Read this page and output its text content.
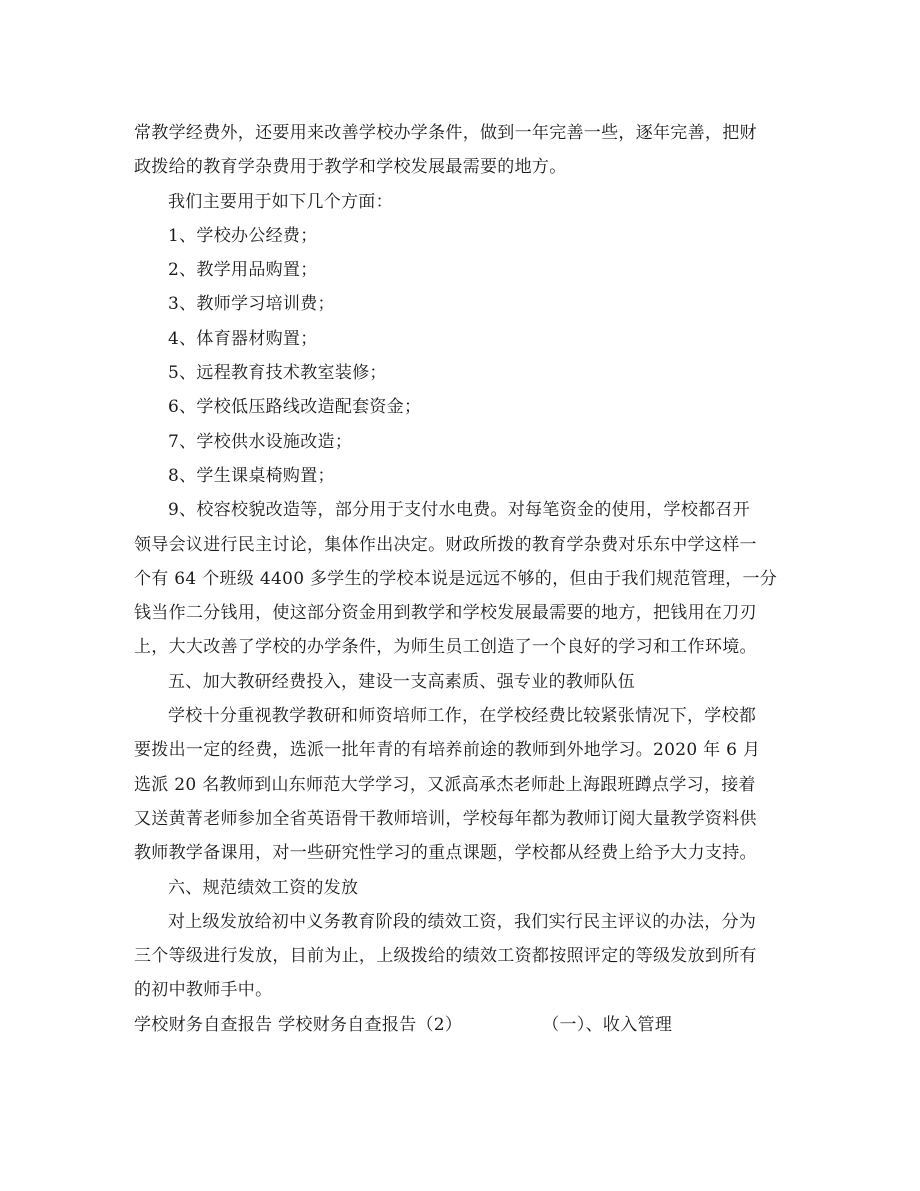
常教学经费外，还要用来改善学校办学条件，做到一年完善一些，逐年完善，把财
政拨给的教育学杂费用于教学和学校发展最需要的地方。
我们主要用于如下几个方面：
1、学校办公经费；
2、教学用品购置；
3、教师学习培训费；
4、体育器材购置；
5、远程教育技术教室装修；
6、学校低压路线改造配套资金；
7、学校供水设施改造；
8、学生课桌椅购置；
9、校容校貌改造等，部分用于支付水电费。对每笔资金的使用，学校都召开
领导会议进行民主讨论，集体作出决定。财政所拨的教育学杂费对乐东中学这样一
个有 64 个班级 4400 多学生的学校本说是远远不够的，但由于我们规范管理，一分
钱当作二分钱用，使这部分资金用到教学和学校发展最需要的地方，把钱用在刀刃
上，大大改善了学校的办学条件，为师生员工创造了一个良好的学习和工作环境。
五、加大教研经费投入，建设一支高素质、强专业的教师队伍
学校十分重视教学教研和师资培师工作，在学校经费比较紧张情况下，学校都
要拨出一定的经费，选派一批年青的有培养前途的教师到外地学习。2020 年 6 月
选派 20 名教师到山东师范大学学习，又派高承杰老师赴上海跟班蹲点学习，接着
又送黄菁老师参加全省英语骨干教师培训，学校每年都为教师订阅大量教学资料供
教师教学备课用，对一些研究性学习的重点课题，学校都从经费上给予大力支持。
六、规范绩效工资的发放
对上级发放给初中义务教育阶段的绩效工资，我们实行民主评议的办法，分为
三个等级进行发放，目前为止，上级拨给的绩效工资都按照评定的等级发放到所有
的初中教师手中。
学校财务自查报告 学校财务自查报告（2）	（一）、收入管理
